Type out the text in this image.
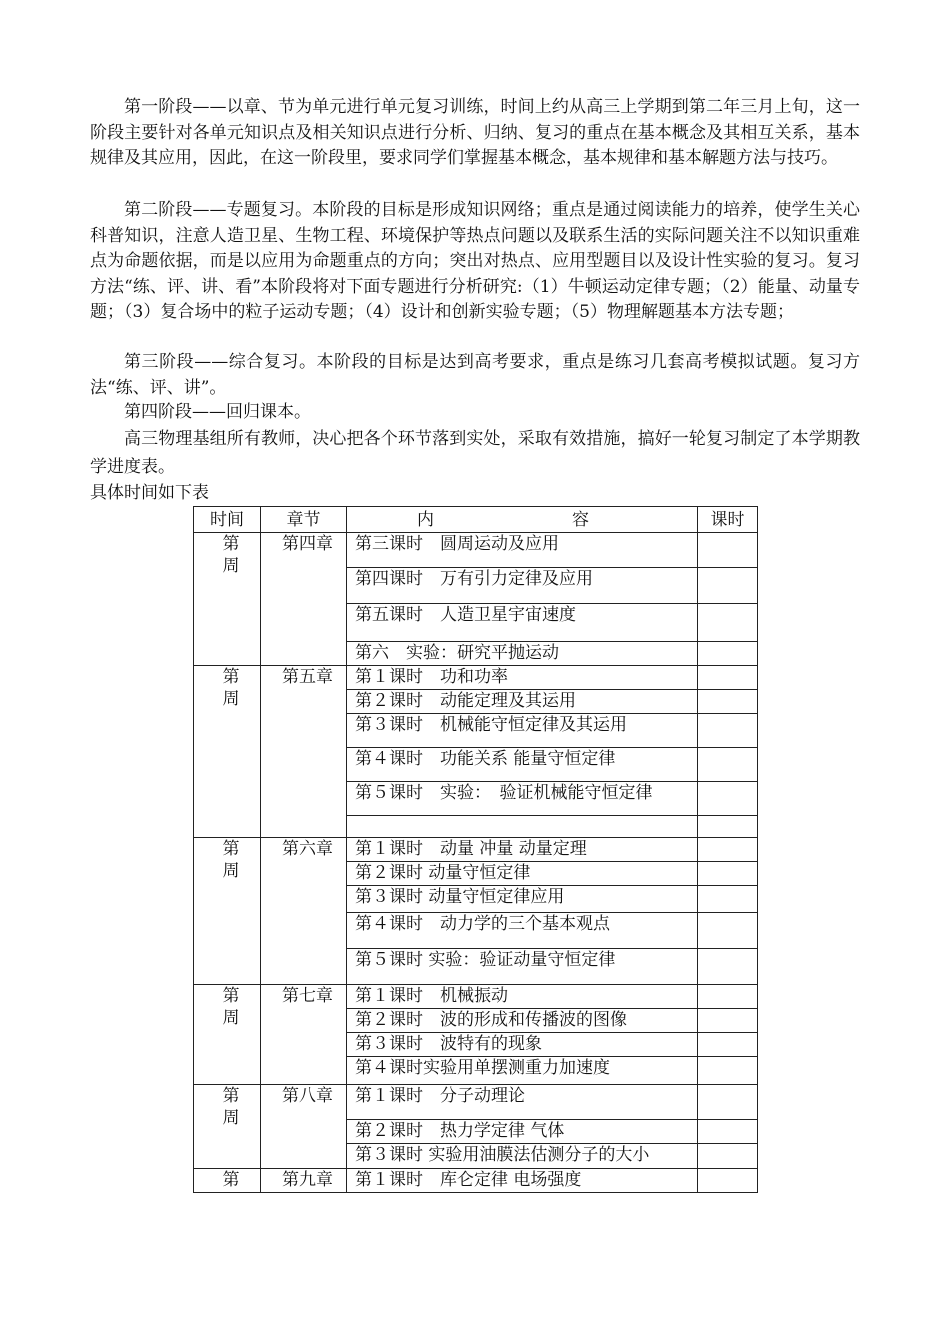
第一阶段——以章、节为单元进行单元复习训练，时间上约从高三上学期到第二年三月上旬，这一阶段主要针对各单元知识点及相关知识点进行分析、归纳、复习的重点在基本概念及其相互关系，基本规律及其应用，因此，在这一阶段里，要求同学们掌握基本概念，基本规律和基本解题方法与技巧。

第二阶段——专题复习。本阶段的目标是形成知识网络；重点是通过阅读能力的培养，使学生关心科普知识，注意人造卫星、生物工程、环境保护等热点问题以及联系生活的实际问题关注不以知识重难点为命题依据，而是以应用为命题重点的方向；突出对热点、应用型题目以及设计性实验的复习。复习方法“练、评、讲、看”本阶段将对下面专题进行分析研究:（1）牛顿运动定律专题；（2）能量、动量专题；（3）复合场中的粒子运动专题；（4）设计和创新实验专题；（5）物理解题基本方法专题；

第三阶段——综合复习。本阶段的目标是达到高考要求，重点是练习几套高考模拟试题。复习方法“练、评、讲”。

第四阶段——回归课本。

高三物理基组所有教师，决心把各个环节落到实处，采取有效措施，搞好一轮复习制定了本学期教学进度表。

具体时间如下表

时间	章节	内 容	课时
第
周	第四章	第三课时　圆周运动及应用	
		第四课时　万有引力定律及应用	
		第五课时　人造卫星宇宙速度	
		第六　实验：研究平抛运动	
第
周	第五章	第１课时　功和功率	
		第２课时　动能定理及其运用	
		第３课时　机械能守恒定律及其运用	
		第４课时　功能关系 能量守恒定律	
		第５课时　实验：　验证机械能守恒定律	

第
周	第六章	第１课时　动量 冲量 动量定理	
		第２课时 动量守恒定律	
		第３课时 动量守恒定律应用	
		第４课时　动力学的三个基本观点	
		第５课时 实验：验证动量守恒定律	
第
周	第七章	第１课时　机械振动	
		第２课时　波的形成和传播波的图像	
		第３课时　波特有的现象	
		第４课时实验用单摆测重力加速度	
第
周	第八章	第１课时　分子动理论	
		第２课时　热力学定律 气体	
		第３课时 实验用油膜法估测分子的大小	
第	第九章	第１课时　库仑定律 电场强度	
